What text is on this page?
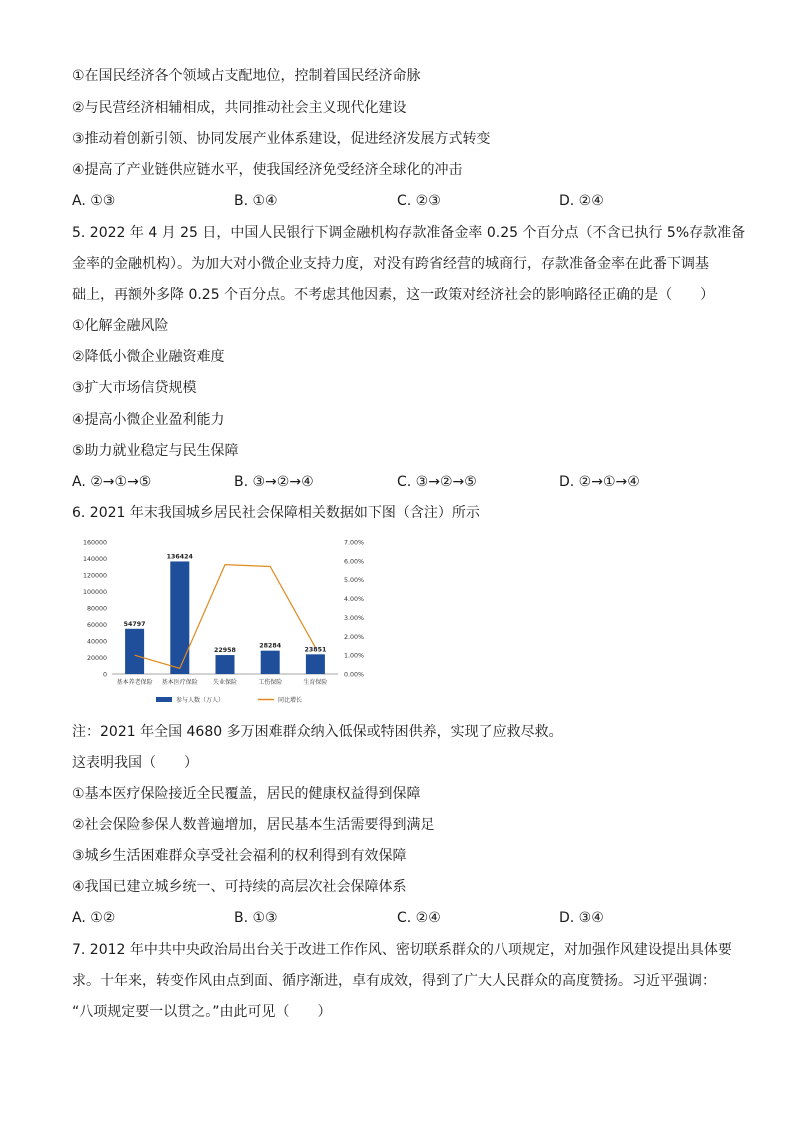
①在国民经济各个领域占支配地位，控制着国民经济命脉
②与民营经济相辅相成，共同推动社会主义现代化建设
③推动着创新引领、协同发展产业体系建设，促进经济发展方式转变
④提高了产业链供应链水平，使我国经济免受经济全球化的冲击
A. ①③	B. ①④	C. ②③	D. ②④
5. 2022 年 4 月 25 日，中国人民银行下调金融机构存款准备金率 0.25 个百分点（不含已执行 5%存款准备
金率的金融机构）。为加大对小微企业支持力度，对没有跨省经营的城商行，存款准备金率在此番下调基
础上，再额外多降 0.25 个百分点。不考虑其他因素，这一政策对经济社会的影响路径正确的是（　　）
①化解金融风险
②降低小微企业融资难度
③扩大市场信贷规模
④提高小微企业盈利能力
⑤助力就业稳定与民生保障
A. ②→①→⑤	B. ③→②→④	C. ③→②→⑤	D. ②→①→④
6. 2021 年末我国城乡居民社会保障相关数据如下图（含注）所示
0
20000
40000
60000
80000
100000
120000
140000
160000
0.00%
1.00%
2.00%
3.00%
4.00%
5.00%
6.00%
7.00%
基本养老保险 基本医疗保险	失业保险	工伤保险	生育保险
54797
136424
22958
28284
23851
参与人数（万人）	同比增长
注：2021 年全国 4680 多万困难群众纳入低保或特困供养，实现了应救尽救。
这表明我国（　　）
①基本医疗保险接近全民覆盖，居民的健康权益得到保障
②社会保险参保人数普遍增加，居民基本生活需要得到满足
③城乡生活困难群众享受社会福利的权利得到有效保障
④我国已建立城乡统一、可持续的高层次社会保障体系
A. ①②	B. ①③	C. ②④	D. ③④
7. 2012 年中共中央政治局出台关于改进工作作风、密切联系群众的八项规定，对加强作风建设提出具体要
求。十年来，转变作风由点到面、循序渐进，卓有成效，得到了广大人民群众的高度赞扬。习近平强调：
“八项规定要一以贯之。”由此可见（　　）
